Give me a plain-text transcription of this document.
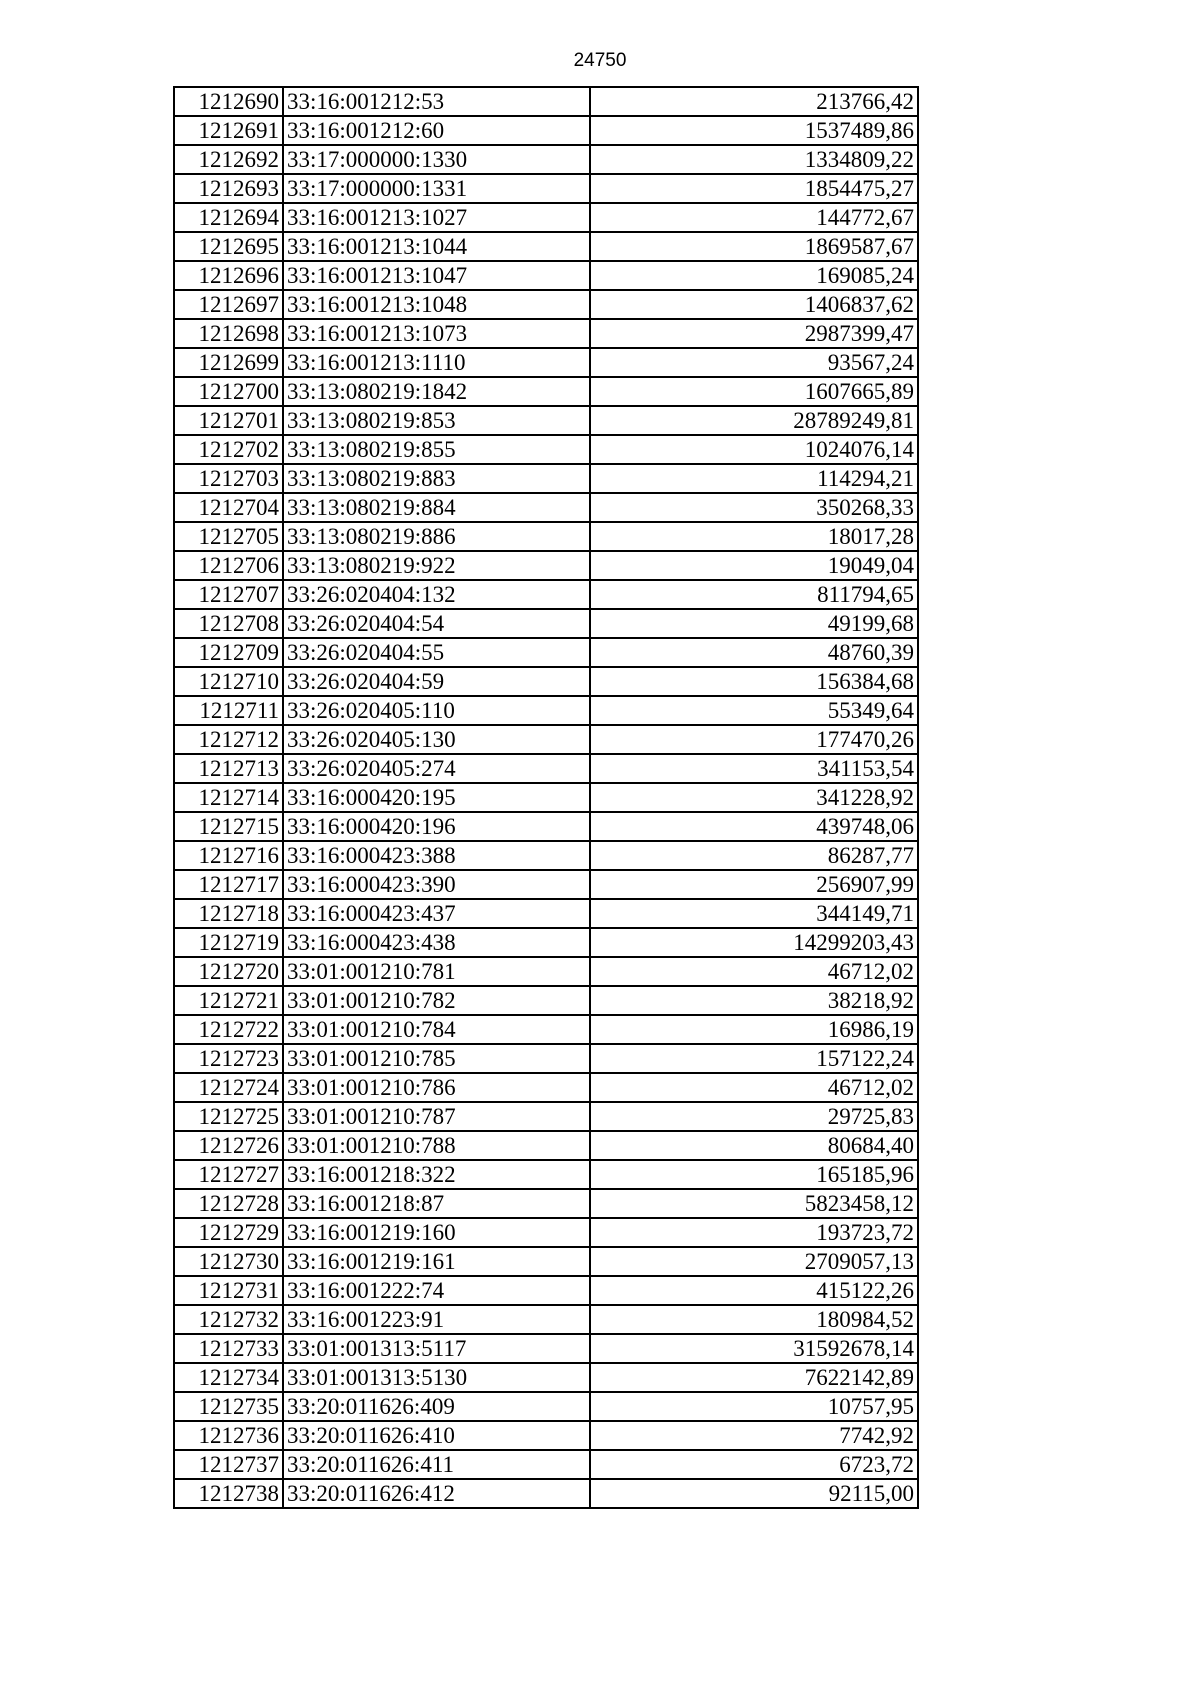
24750
1212690	33:16:001212:53	213766,42
1212691	33:16:001212:60	1537489,86
1212692	33:17:000000:1330	1334809,22
1212693	33:17:000000:1331	1854475,27
1212694	33:16:001213:1027	144772,67
1212695	33:16:001213:1044	1869587,67
1212696	33:16:001213:1047	169085,24
1212697	33:16:001213:1048	1406837,62
1212698	33:16:001213:1073	2987399,47
1212699	33:16:001213:1110	93567,24
1212700	33:13:080219:1842	1607665,89
1212701	33:13:080219:853	28789249,81
1212702	33:13:080219:855	1024076,14
1212703	33:13:080219:883	114294,21
1212704	33:13:080219:884	350268,33
1212705	33:13:080219:886	18017,28
1212706	33:13:080219:922	19049,04
1212707	33:26:020404:132	811794,65
1212708	33:26:020404:54	49199,68
1212709	33:26:020404:55	48760,39
1212710	33:26:020404:59	156384,68
1212711	33:26:020405:110	55349,64
1212712	33:26:020405:130	177470,26
1212713	33:26:020405:274	341153,54
1212714	33:16:000420:195	341228,92
1212715	33:16:000420:196	439748,06
1212716	33:16:000423:388	86287,77
1212717	33:16:000423:390	256907,99
1212718	33:16:000423:437	344149,71
1212719	33:16:000423:438	14299203,43
1212720	33:01:001210:781	46712,02
1212721	33:01:001210:782	38218,92
1212722	33:01:001210:784	16986,19
1212723	33:01:001210:785	157122,24
1212724	33:01:001210:786	46712,02
1212725	33:01:001210:787	29725,83
1212726	33:01:001210:788	80684,40
1212727	33:16:001218:322	165185,96
1212728	33:16:001218:87	5823458,12
1212729	33:16:001219:160	193723,72
1212730	33:16:001219:161	2709057,13
1212731	33:16:001222:74	415122,26
1212732	33:16:001223:91	180984,52
1212733	33:01:001313:5117	31592678,14
1212734	33:01:001313:5130	7622142,89
1212735	33:20:011626:409	10757,95
1212736	33:20:011626:410	7742,92
1212737	33:20:011626:411	6723,72
1212738	33:20:011626:412	92115,00
